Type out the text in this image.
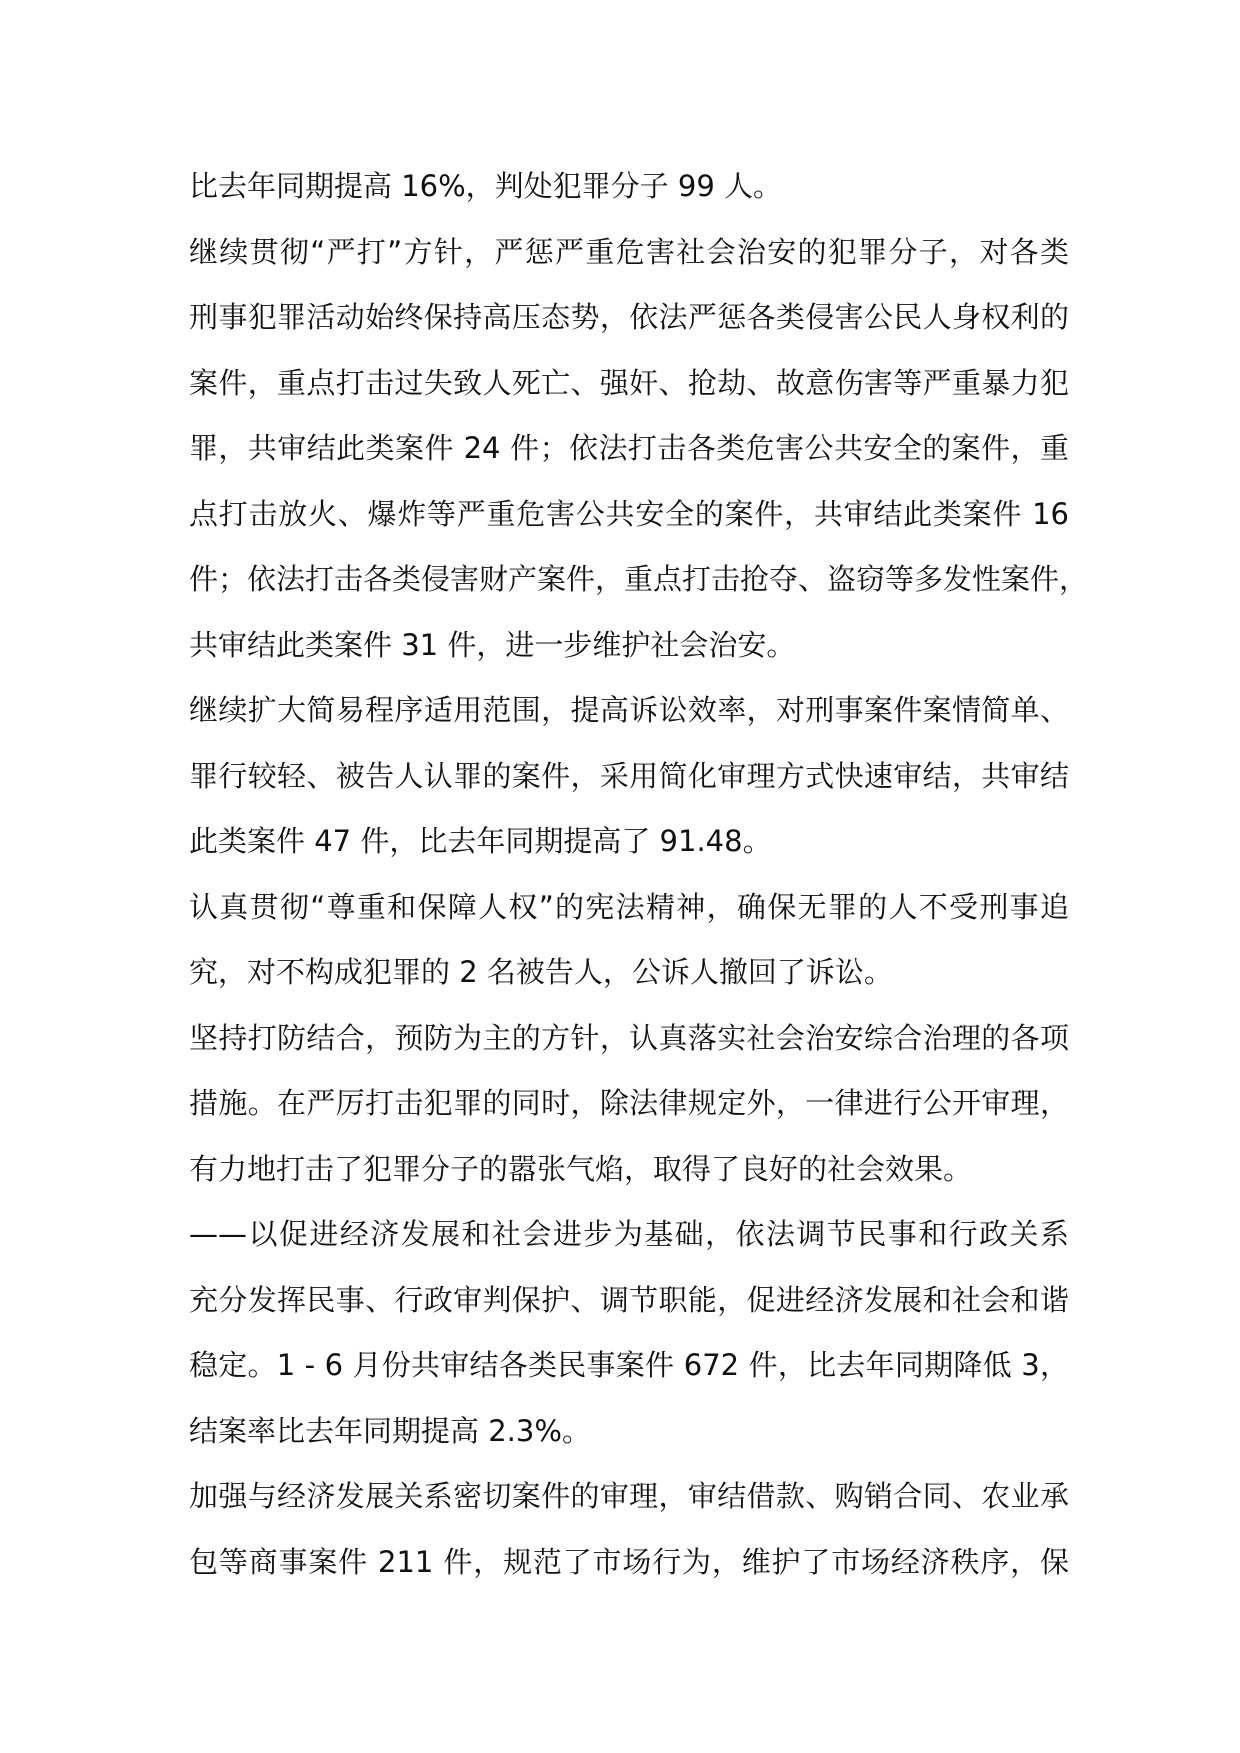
比去年同期提高 16%，判处犯罪分子 99 人。
继续贯彻“严打”方针，严惩严重危害社会治安的犯罪分子，对各类
刑事犯罪活动始终保持高压态势，依法严惩各类侵害公民人身权利的
案件，重点打击过失致人死亡、强奸、抢劫、故意伤害等严重暴力犯
罪，共审结此类案件 24 件；依法打击各类危害公共安全的案件，重
点打击放火、爆炸等严重危害公共安全的案件，共审结此类案件 16
件；依法打击各类侵害财产案件，重点打击抢夺、盗窃等多发性案件，
共审结此类案件 31 件，进一步维护社会治安。
继续扩大简易程序适用范围，提高诉讼效率，对刑事案件案情简单、
罪行较轻、被告人认罪的案件，采用简化审理方式快速审结，共审结
此类案件 47 件，比去年同期提高了 91.48。
认真贯彻“尊重和保障人权”的宪法精神，确保无罪的人不受刑事追
究，对不构成犯罪的 2 名被告人，公诉人撤回了诉讼。
坚持打防结合，预防为主的方针，认真落实社会治安综合治理的各项
措施。在严厉打击犯罪的同时，除法律规定外，一律进行公开审理，
有力地打击了犯罪分子的嚣张气焰，取得了良好的社会效果。
——以促进经济发展和社会进步为基础，依法调节民事和行政关系
充分发挥民事、行政审判保护、调节职能，促进经济发展和社会和谐
稳定。1 - 6 月份共审结各类民事案件 672 件，比去年同期降低 3，
结案率比去年同期提高 2.3%。
加强与经济发展关系密切案件的审理，审结借款、购销合同、农业承
包等商事案件 211 件，规范了市场行为，维护了市场经济秩序，保
